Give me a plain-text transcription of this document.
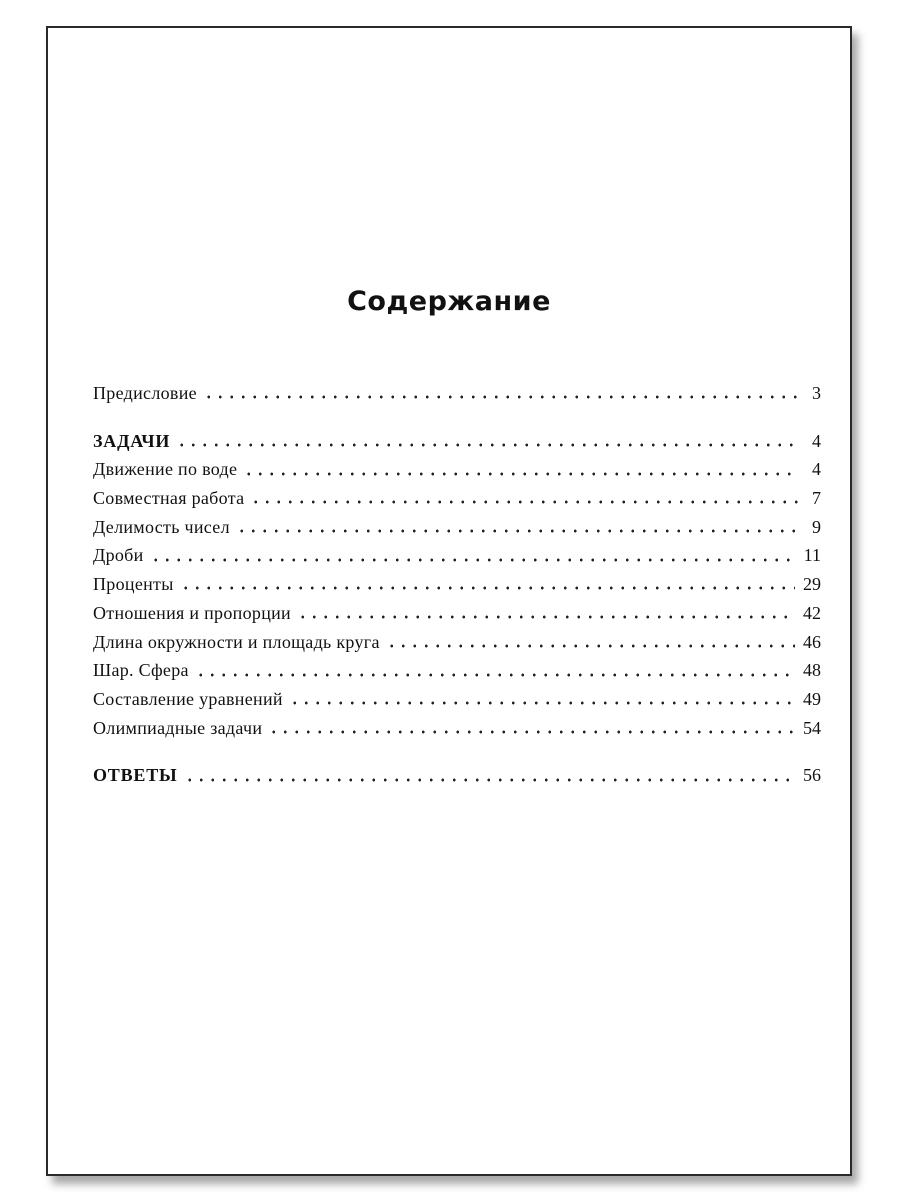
Содержание
Предисловие	3
ЗАДАЧИ	4
Движение по воде	4
Совместная работа	7
Делимость чисел	9
Дроби	11
Проценты	29
Отношения и пропорции	42
Длина окружности и площадь круга	46
Шар. Сфера	48
Составление уравнений	49
Олимпиадные задачи	54
ОТВЕТЫ	56
